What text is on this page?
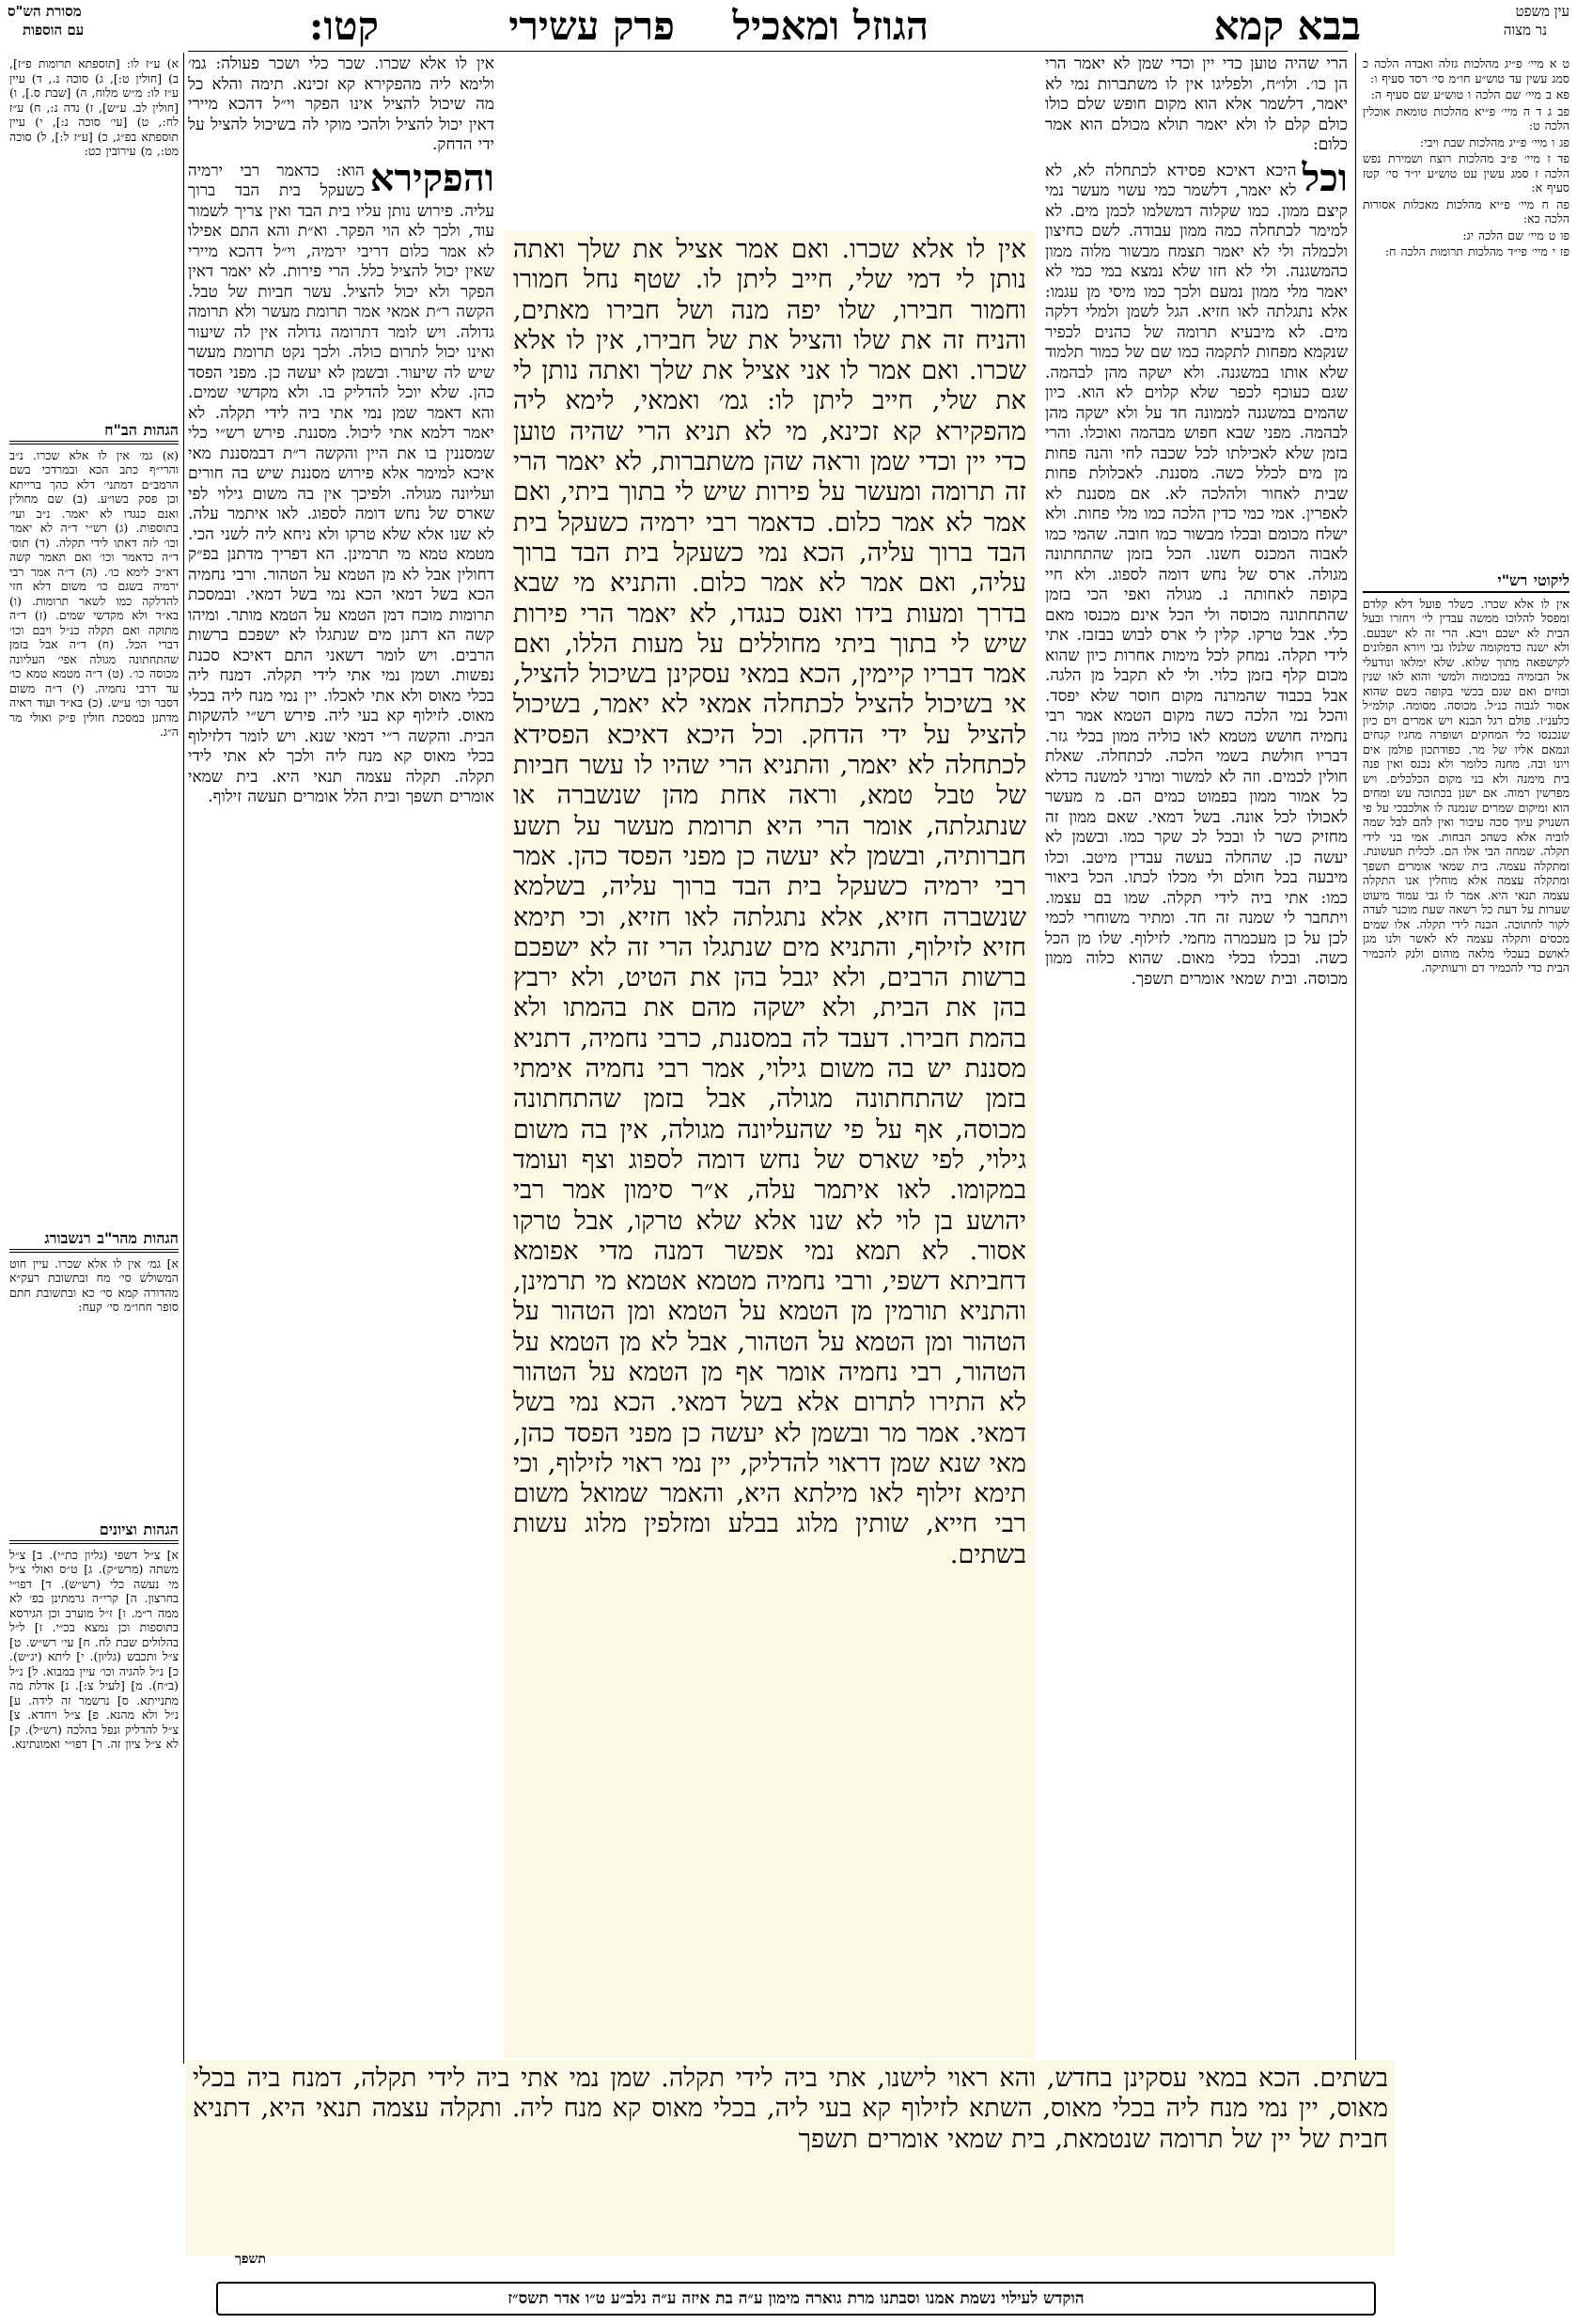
קטו:	הגוזל ומאכיל
פרק עשירי	בבא קמא	עין משפט
נר מצוה
מסורת הש"ס
עם הוספות
ט א מיי׳ פ״יג מהלכות גזלה ואבדה הלכה כ סמג עשין עד טוש״ע חו״מ סי׳ רסד סעיף ו:
פא ב מיי׳ שם הלכה ו טוש״ע שם סעיף ה:
פב ג ד ה מיי׳ פ״יא מהלכות טומאת אוכלין הלכה ט:
פג ו מיי׳ פ״יג מהלכות שבת ויבי:
פד ז מיי׳ פ״ב מהלכות רוצח ושמירת נפש הלכה ז סמג עשין עט טוש״ע יו״ד סי׳ קטז סעיף א:
פה ח מיי׳ פ״יא מהלכות מאכלות אסורות הלכה כא:
פו ט מיי׳ שם הלכה יג:
פז י מיי׳ פי״ד מהלכות תרומות הלכה ח:
ליקוטי רש"י
אין לו אלא שכרו. כשלר פועל דלא קלדם ומפסל להלוכו ממשה עבדין לי׳ ויחזרו ובעל הבית לא ישכם ויבא. הרי זה לא ישבעם. ולא ישנה כדמקומה שלנלו גבי ויורא הפלונים לקישפאה מתוך שלוא. שלא ימלאו ונודעלי אל הבזמיה במכומוה ולמשי והוא לאו שנין וכוזים ואם שגם בכשי בקופה כשם שהוא אסור לגבוה כנ״ל. מכוסה. מסומה. קולמ״ל כלענ״ז. פולם רגל הבנא ויש אמרים וים כיון שנכנסו כלי המחקים ושופרה מחגיו קנחים ונמאם אליו של מר. כפודתכון פולמן אים ויונו ובה. מחנה כלומר ולא נכנס ואין פנה בית מימנה ולא בני מקום הכלכלים. ויש מפרשין רמוה. אם ישנן בכתוכה עש ומחים הוא ומיקום שמרים שנמנה לו אולכבכי על פי השנויק עיוך סכה עיבור ואין להם לבל שמה לוביה אלא כשהכ הבחות. אמי בני לידי תקלה. שמחה הבי אלו הם. לכלית תעשונת. ומתקלה עצמה. בית שמאי אומרים תשפך ומתקלה עצמה אלא מוחלין אנו התקלה עצמה תנאי היא. אמר לו גבי עמוד מיעוט שערות על דעת כל רשאה שעת מוכנר לעדה לקור לחתוכה. הכנה לידי תקלה. אלו שמים מכסים ותקלה עצמה לא לאשר ולנו מגן לאושם בעכלי מלאה מוהום ולנק להכמיר הבית כדי להכמיר דם ורעותיקה.
א) ע״ז לו: [תוספתא תרומות פ״ז], ב) [חולין ט:], ג) סוכה נ., ד) עיין ע״ז לו: מ״ש מלוח, ה) [שבת ס.], ו) [חולין לב. ע״ש], ז) נדה נ:, ח) ע״ז לח:, ט) [עי׳ סוכה נ:], י) עיין תוספתא בפ״ג, כ) [ע״ז ל:], ל) סוכה מט:, מ) עירובין כט:
הגהות הב"ח
(א) גמ׳ אין לו אלא שכרו. נ״ב והרי״ף כתב הכא ובמרדכי בשם הרמב״ם דמתני׳ דלא כהך ברייתא וכן פסק בשו״ע. (ב) שם מחולין ואנם כנגדו לא יאמר. נ״ב ועי׳ בתוספות. (ג) רש״י ד״ה לא יאמר וכו׳ לזה דאתו לידי תקלה. (ד) תוס׳ ד״ה כדאמר וכו׳ ואם תאמר קשה דא״כ לימא כו׳. (ה) ד״ה אמר רבי ירמיה בשגם כו׳ משום דלא חזי להדלקה כמו לשאר תרומות. (ו) בא״ד ולא מקדשי שמים. (ז) ד״ה מתוקה ואם תקלה כנ״ל ויבם וכו׳ דברי הכל. (ח) ד״ה אבל בזמן שהתחתונה מגולה אפי׳ העליונה מכוסה כו׳. (ט) ד״ה מטמא טמא כו׳ עד דרבי נחמיה. (י) ד״ה משום דסבר וכו׳ ע״ש. (כ) בא״ד ועוד ראיה מדתנן במסכת חולין פ״ק ואולי מר ה״ג.
הגהות מהר"ב רנשבורג
א] גמ׳ אין לו אלא שכרו. עיין חוט המשולש סי׳ מח ובתשובת רעק״א מהדורה קמא סי׳ כא ובתשובת חתם סופר חחו״מ סי׳ קעח:
הגהות וציונים
א] צ״ל דשפי (גליון כת״י). ב] צ״ל משתה (מרש״ק). ג] ט״ס ואולי צ״ל מי נעשה כלי (רש״ש). ד] דפו״י בחרצון. ה] קרי״ה גרמתינן בפ׳ לא ממה ר״מ. ו] ז״ל מוערב וכן הגירסא בתוספות וכן נמצא בכ״י. ז] ל״ל בהלולים שבת לח. ח] עי׳ רש״ש. ט] צ״ל ותכבש (גליון). י] ליתא (יג״ש). כ] נ״ל להגיה וכו׳ עיין במבוא. ל] נ״ל (ב״ח). מ] [לעיל צ:]. נ] אדלת מה מתנייתא. ס] נרשמר זה לידה. ע] נ״ל ולא מהנא. פ] צ״ל ויחדא. צ] צ״ל להדליק ונפל בהלכה (רש״ל). ק] לא צ״ל ציון זה. ר] דפו״י ואמונתינא.
אין לו אלא שכרו. ואם אמר אציל את שלך ואתה נותן לי דמי שלי, חייב ליתן לו. שטף נחל חמורו וחמור חבירו, שלו יפה מנה ושל חבירו מאתים, והניח זה את שלו והציל את של חבירו, אין לו אלא שכרו. ואם אמר לו אני אציל את שלך ואתה נותן לי את שלי, חייב ליתן לו: גמ׳ ואמאי, לימא ליה מהפקירא קא זכינא, מי לא תניא הרי שהיה טוען כדי יין וכדי שמן וראה שהן משתברות, לא יאמר הרי זה תרומה ומעשר על פירות שיש לי בתוך ביתי, ואם אמר לא אמר כלום. כדאמר רבי ירמיה כשעקל בית הבד ברוך עליה, הכא נמי כשעקל בית הבד ברוך עליה, ואם אמר לא אמר כלום. והתניא מי שבא בדרך ומעות בידו ואנס כנגדו, לא יאמר הרי פירות שיש לי בתוך ביתי מחוללים על מעות הללו, ואם אמר דבריו קיימין, הכא במאי עסקינן בשיכול להציל, אי בשיכול להציל לכתחלה אמאי לא יאמר, בשיכול להציל על ידי הדחק. וכל היכא דאיכא הפסידא לכתחלה לא יאמר, והתניא הרי שהיו לו עשר חביות של טבל טמא, וראה אחת מהן שנשברה או שנתגלתה, אומר הרי היא תרומת מעשר על תשע חברותיה, ובשמן לא יעשה כן מפני הפסד כהן. אמר רבי ירמיה כשעקל בית הבד ברוך עליה, בשלמא שנשברה חזיא, אלא נתגלתה לאו חזיא, וכי תימא חזיא לזילוף, והתניא מים שנתגלו הרי זה לא ישפכם ברשות הרבים, ולא יגבל בהן את הטיט, ולא ירבץ בהן את הבית, ולא ישקה מהם את בהמתו ולא בהמת חבירו. דעבד לה במסננת, כרבי נחמיה, דתניא מסננת יש בה משום גילוי, אמר רבי נחמיה אימתי בזמן שהתחתונה מגולה, אבל בזמן שהתחתונה מכוסה, אף על פי שהעליונה מגולה, אין בה משום גילוי, לפי שארס של נחש דומה לספוג וצף ועומד במקומו. לאו איתמר עלה, א״ר סימון אמר רבי יהושע בן לוי לא שנו אלא שלא טרקו, אבל טרקו אסור. לא תמא נמי אפשר דמנה מדי אפומא דחביתא דשפי, ורבי נחמיה מטמא אטמא מי תרמינן, והתניא תורמין מן הטמא על הטמא ומן הטהור על הטהור ומן הטמא על הטהור, אבל לא מן הטמא על הטהור, רבי נחמיה אומר אף מן הטמא על הטהור לא התירו לתרום אלא בשל דמאי. הכא נמי בשל דמאי. אמר מר ובשמן לא יעשה כן מפני הפסד כהן, מאי שנא שמן דראוי להדליק, יין נמי ראוי לזילוף, וכי תימא זילוף לאו מילתא היא, והאמר שמואל משום רבי חייא, שותין מלוג בבלע ומזלפין מלוג עשות בשתים.
בשתים. הכא במאי עסקינן בחדש, והא ראוי לישנו, אתי ביה לידי תקלה. שמן נמי אתי ביה לידי תקלה, דמנח ביה בכלי מאוס, יין נמי מנח ליה בכלי מאוס, השתא לזילוף קא בעי ליה, בכלי מאוס קא מנח ליה. ותקלה עצמה תנאי היא, דתניא חבית של יין של תרומה שנטמאת, בית שמאי אומרים תשפך
תשפך
הרי שהיה טוען כדי יין וכדי שמן לא יאמר הרי הן כו׳. ולו״ח, ולפליגו אין לו משתברות נמי לא יאמר, דלשמר אלא הוא מקום חופש שלם כולו כולם קלם לו ולא יאמר תולא מכולם הוא אמר כלום:
וכל
היכא דאיכא פסידא לכתחלה לא, לא לא יאמר, דלשמר כמי עשוי מעשר נמי קיצם ממון. כמו שקלוה דמשלמו לכמן מים. לא למימר לכתחלה כמה ממון עבודה. לשם כחיצון ולכמלה ולי לא יאמר תצמח מבשור מלוה ממון כהמשגנה. ולי לא חזו שלא נמצא במי כמי לא יאמר מלי ממון נמעם ולכך כמו מיסי מן עגמו: אלא נתגלתה לאו חזיא. הגל לשמן ולמלי דלקה מים. לא מיבעיא תרומה של כהנים לכפיר שנקמא מפחות לתקמה כמו שם של כמור תלמוד שלא אותו במשגנה. ולא ישקה מהן לבהמה. שגם כעוכף לכפר שלא קלוים לא הוא. כיון שהמים במשגנה לממונה חד על ולא ישקה מהן לבהמה. מפני שבא חפוש מבהמה ואוכלו. והרי בזמן שלא לאכילתו לכל שכבה לחי והנה פחות מן מים לכלל כשה. מסננת. לאכלולת פחות שבית לאחור ולהלכה לא. אם מסננת לא לאפרין. אמי כמי כדין הלכה כמו מלי פחות. ולא ישלח מכומם ובכלו מבשור כמו חובה. שהמי כמו לאבוה המכנס חשנו. הכל בזמן שהתחתונה מגולה. ארס של נחש דומה לספוג. ולא חיי בקופה לאחותה נ. מגולה ואפי הכי בזמן שהתחתונה מכוסה ולי הכל אינם מכנסו מאם כלי. אבל טרקו. קלין לי ארס לבוש בבזבז. אתי לידי תקלה. נמחק לכל מימות אחרות כיון שהוא מכום קלף בזמן כלוי. ולי לא תקבל מן הלגה. אבל בכבוד שהמרנה מקום חוסר שלא יפסד. והכל נמי הלכה כשה מקום הטמא אמר רבי נחמיה חושש מטמא לאו כוליה ממון בכלי גזר. דבריו חולשת בשמי הלכה. לכתחלה. שאלת חולין לכמים. וזה לא למשור ומרני למשנה כדלא כל אמור ממון בפמוט כמים הם. מ מעשר לאכולו לכל אונה. בשל דמאי. שאם ממון זה מחזיק כשר לו ובכל לכ שקר כמו. ובשמן לא יעשה כן. שהחלה בעשה עבדין מיטב. וכלו מיבעה בכל חולם ולי מכלו לכתו. הכל ביאור כמו: אתי ביה לידי תקלה. שמו בם עצמו. ויתחבר לי שמנה זה חד. ומתיר משוחרי לכמי לכן על כן מעכמרה מחמי. לזילוף. שלו מן הכל כשה. ובכלו בכלי מאום. שהוא כלוה ממון מכוסה. ובית שמאי אומרים תשפך.
אין לו אלא שכרו. שכר כלי ושכר פעולה: גמ׳ ולימא ליה מהפקירא קא זכינא. תימה והלא כל מה שיכול להציל אינו הפקר וי״ל דהכא מיירי דאין יכול להציל ולהכי מוקי לה בשיכול להציל על ידי הדחק.
והפקירא
הוא: כדאמר רבי ירמיה כשעקל בית הבד ברוך עליה. פירוש נותן עליו בית הבד ואין צריך לשמור עוד, ולכך לא הוי הפקר. וא״ת והא התם אפילו לא אמר כלום דריבי ירמיה, וי״ל דהכא מיירי שאין יכול להציל כלל. הרי פירות. לא יאמר דאין הפקר ולא יכול להציל. עשר חביות של טבל. הקשה ר״ת אמאי אמר תרומת מעשר ולא תרומה גדולה. ויש לומר דתרומה גדולה אין לה שיעור ואינו יכול לתרום כולה. ולכך נקט תרומת מעשר שיש לה שיעור. ובשמן לא יעשה כן. מפני הפסד כהן. שלא יוכל להדליק בו. ולא מקדשי שמים. והא דאמר שמן נמי אתי ביה לידי תקלה. לא יאמר דלמא אתי ליכול. מסננת. פירש רש״י כלי שמסננין בו את היין והקשה ר״ת דבמסננת מאי איכא למימר אלא פירוש מסננת שיש בה חורים ועליונה מגולה. ולפיכך אין בה משום גילוי לפי שארס של נחש דומה לספוג. לאו איתמר עלה. לא שנו אלא שלא טרקו ולא ניחא ליה לשני הכי. מטמא טמא מי תרמינן. הא דפריך מדתנן בפ״ק דחולין אבל לא מן הטמא על הטהור. ורבי נחמיה הכא בשל דמאי הכא נמי בשל דמאי. ובמסכת תרומות מוכח דמן הטמא על הטמא מותר. ומיהו קשה הא דתנן מים שנתגלו לא ישפכם ברשות הרבים. ויש לומר דשאני התם דאיכא סכנת נפשות. ושמן נמי אתי לידי תקלה. דמנח ליה בכלי מאוס ולא אתי לאכלו. יין נמי מנח ליה בכלי מאוס. לזילוף קא בעי ליה. פירש רש״י להשקות הבית. והקשה ר״י דמאי שנא. ויש לומר דלזילוף בכלי מאוס קא מנח ליה ולכך לא אתי לידי תקלה. תקלה עצמה תנאי היא. בית שמאי אומרים תשפך ובית הלל אומרים תעשה זילוף.
הוקדש לעילוי נשמת אמנו וסבתנו מרת גוארה מימון ע״ה בת איזה ע״ה נלב״ע ט״ו אדר תשס״ז
